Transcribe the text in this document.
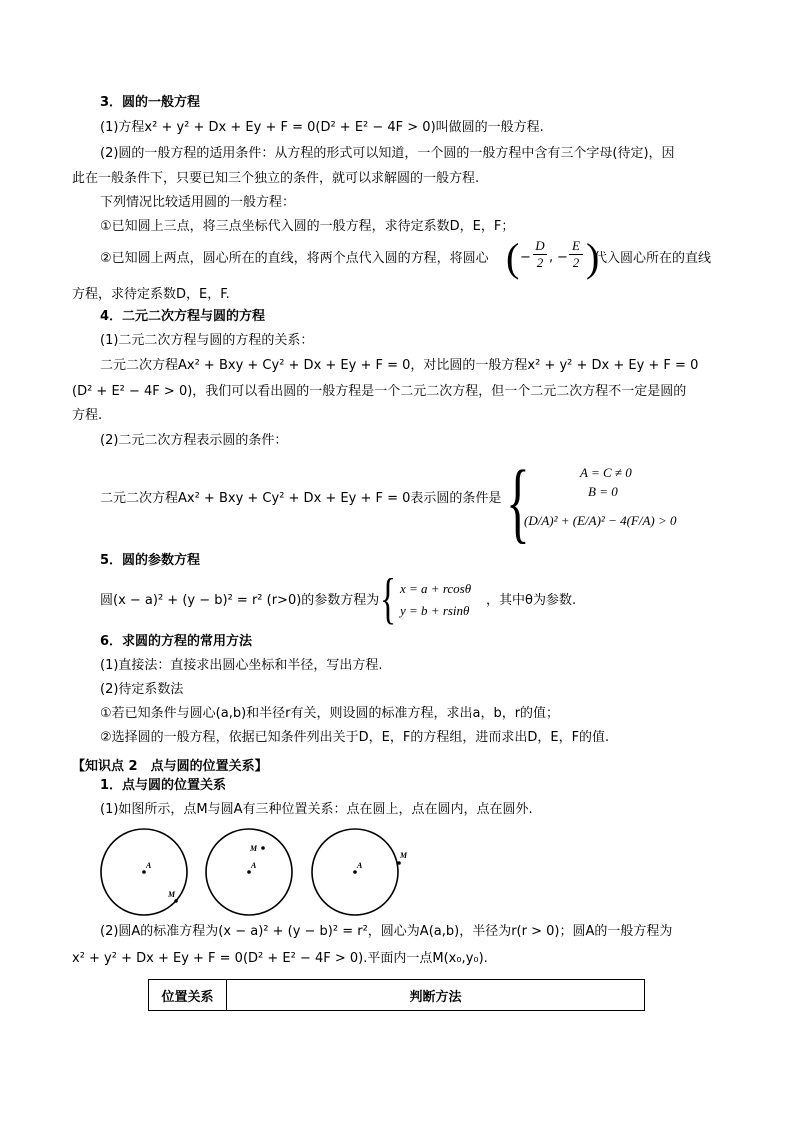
3．圆的一般方程
(1)方程x² + y² + Dx + Ey + F = 0(D² + E² − 4F > 0)叫做圆的一般方程.
(2)圆的一般方程的适用条件：从方程的形式可以知道，一个圆的一般方程中含有三个字母(待定)，因
此在一般条件下，只要已知三个独立的条件，就可以求解圆的一般方程.
下列情况比较适用圆的一般方程：
①已知圆上三点，将三点坐标代入圆的一般方程，求待定系数D，E，F；
②已知圆上两点，圆心所在的直线，将两个点代入圆的方程，将圆心 ( −
D
2 , −
E
2 )
代入圆心所在的直线
方程，求待定系数D，E，F.
4．二元二次方程与圆的方程
(1)二元二次方程与圆的方程的关系：
二元二次方程Ax² + Bxy + Cy² + Dx + Ey + F = 0，对比圆的一般方程x² + y² + Dx + Ey + F = 0
(D² + E² − 4F > 0)，我们可以看出圆的一般方程是一个二元二次方程，但一个二元二次方程不一定是圆的
方程.
(2)二元二次方程表示圆的条件：
二元二次方程Ax² + Bxy + Cy² + Dx + Ey + F = 0表示圆的条件是 {	A = C ≠ 0
B = 0
(D/A)² + (E/A)² − 4(F/A) > 0
5．圆的参数方程
圆(x − a)² + (y − b)² = r² (r>0)的参数方程为 { x = a + rcosθ
y = b + rsinθ
，其中θ为参数.
6．求圆的方程的常用方法
(1)直接法：直接求出圆心坐标和半径，写出方程.
(2)待定系数法
①若已知条件与圆心(a,b)和半径r有关，则设圆的标准方程，求出a，b，r的值；
②选择圆的一般方程，依据已知条件列出关于D，E，F的方程组，进而求出D，E，F的值.
【知识点 2　点与圆的位置关系】
1．点与圆的位置关系
(1)如图所示，点M与圆A有三种位置关系：点在圆上，点在圆内，点在圆外.
A
M
A
M
A
M
(2)圆A的标准方程为(x − a)² + (y − b)² = r²，圆心为A(a,b)，半径为r(r > 0)；圆A的一般方程为
x² + y² + Dx + Ey + F = 0(D² + E² − 4F > 0).平面内一点M(x₀,y₀).
位置关系	判断方法
